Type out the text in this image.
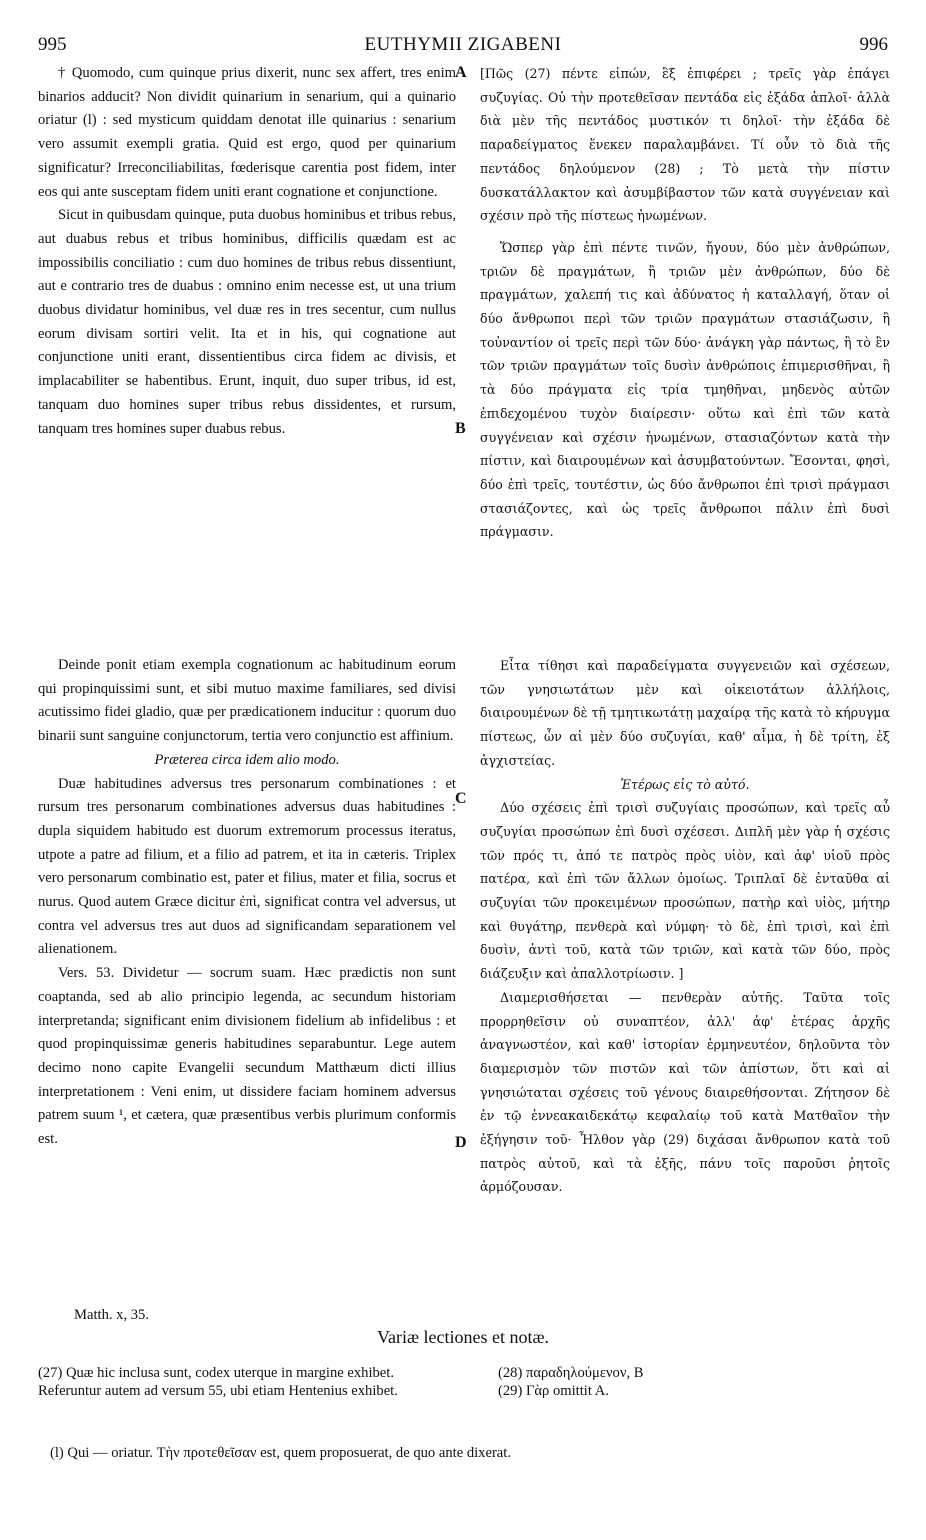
995	EUTHYMII ZIGABENI	996

† Quomodo, cum quinque prius dixerit, nunc sex affert, tres enim binarios adducit? Non dividit quinarium in senarium, qui a quinario oriatur (l) : sed mysticum quiddam denotat ille quinarius : senarium vero assumit exempli gratia. Quid est ergo, quod per quinarium significatur? Irreconciliabilitas, fœderisque carentia post fidem, inter eos qui ante susceptam fidem uniti erant cognatione et conjunctione.

Sicut in quibusdam quinque, puta duobus hominibus et tribus rebus, aut duabus rebus et tribus hominibus, difficilis quædam est ac impossibilis conciliatio : cum duo homines de tribus rebus dissentiunt, aut e contrario tres de duabus : omnino enim necesse est, ut una trium duobus dividatur hominibus, vel duæ res in tres secentur, cum nullus eorum divisam sortiri velit. Ita et in his, qui cognatione aut conjunctione uniti erant, dissentientibus circa fidem ac divisis, et implacabiliter se habentibus. Erunt, inquit, duo super tribus, id est, tanquam duo homines super tribus rebus dissidentes, et rursum, tanquam tres homines super duabus rebus.

Deinde ponit etiam exempla cognationum ac habitudinum eorum qui propinquissimi sunt, et sibi mutuo maxime familiares, sed divisi acutissimo fidei gladio, quæ per prædicationem inducitur : quorum duo binarii sunt sanguine conjunctorum, tertia vero conjunctio est affinium.

Præterea circa idem alio modo.

Duæ habitudines adversus tres personarum combinationes : et rursum tres personarum combinationes adversus duas habitudines : dupla siquidem habitudo est duorum extremorum processus iteratus, utpote a patre ad filium, et a filio ad patrem, et ita in cæteris. Triplex vero personarum combinatio est, pater et filius, mater et filia, socrus et nurus. Quod autem Græce dicitur ἐπὶ, significat contra vel adversus, ut contra vel adversus tres aut duos ad significandam separationem vel alienationem.

Vers. 53. Dividetur — socrum suam. Hæc prædictis non sunt coaptanda, sed ab alio principio legenda, ac secundum historiam interpretanda; significant enim divisionem fidelium ab infidelibus : et quod propinquissimæ generis habitudines separabuntur. Lege autem decimo nono capite Evangelii secundum Matthæum dicti illius interpretationem : Veni enim, ut dissidere faciam hominem adversus patrem suum ¹, et cætera, quæ præsentibus verbis plurimum conformis est.

[Πῶς (27) πέντε εἰπών, ἓξ ἐπιφέρει ; τρεῖς γὰρ ἐπάγει συζυγίας. Οὐ τὴν προτεθεῖσαν πεντάδα εἰς ἑξάδα ἁπλοῖ· ἀλλὰ διὰ μὲν τῆς πεντάδος μυστικόν τι δηλοῖ· τὴν ἑξάδα δὲ παραδείγματος ἕνεκεν παραλαμβάνει. Τί οὖν τὸ διὰ τῆς πεντάδος δηλούμενον (28) ; Τὸ μετὰ τὴν πίστιν δυσκατάλλακτον καὶ ἀσυμβίβαστον τῶν κατὰ συγγένειαν καὶ σχέσιν πρὸ τῆς πίστεως ἡνωμένων.

Ὥσπερ γὰρ ἐπὶ πέντε τινῶν, ἤγουν, δύο μὲν ἀνθρώπων, τριῶν δὲ πραγμάτων, ἢ τριῶν μὲν ἀνθρώπων, δύο δὲ πραγμάτων, χαλεπή τις καὶ ἀδύνατος ἡ καταλλαγή, ὅταν οἱ δύο ἄνθρωποι περὶ τῶν τριῶν πραγμάτων στασιάζωσιν, ἢ τοὐναντίον οἱ τρεῖς περὶ τῶν δύο· ἀνάγκη γὰρ πάντως, ἢ τὸ ἓν τῶν τριῶν πραγμάτων τοῖς δυσὶν ἀνθρώποις ἐπιμερισθῆναι, ἢ τὰ δύο πράγματα εἰς τρία τμηθῆναι, μηδενὸς αὐτῶν ἐπιδεχομένου τυχὸν διαίρεσιν· οὕτω καὶ ἐπὶ τῶν κατὰ συγγένειαν καὶ σχέσιν ἡνωμένων, στασιαζόντων κατὰ τὴν πίστιν, καὶ διαιρουμένων καὶ ἀσυμβατούντων. Ἔσονται, φησὶ, δύο ἐπὶ τρεῖς, τουτέστιν, ὡς δύο ἄνθρωποι ἐπὶ τρισὶ πράγμασι στασιάζοντες, καὶ ὡς τρεῖς ἄνθρωποι πάλιν ἐπὶ δυσὶ πράγμασιν.

Εἶτα τίθησι καὶ παραδείγματα συγγενειῶν καὶ σχέσεων, τῶν γνησιωτάτων μὲν καὶ οἰκειοτάτων ἀλλήλοις, διαιρουμένων δὲ τῇ τμητικωτάτῃ μαχαίρᾳ τῆς κατὰ τὸ κήρυγμα πίστεως, ὧν αἱ μὲν δύο συζυγίαι, καθ' αἷμα, ἡ δὲ τρίτη, ἐξ ἀγχιστείας.

Ἑτέρως εἰς τὸ αὐτό.

Δύο σχέσεις ἐπὶ τρισὶ συζυγίαις προσώπων, καὶ τρεῖς αὖ συζυγίαι προσώπων ἐπὶ δυσὶ σχέσεσι. Διπλῆ μὲν γὰρ ἡ σχέσις τῶν πρός τι, ἀπό τε πατρὸς πρὸς υἱὸν, καὶ ἀφ' υἱοῦ πρὸς πατέρα, καὶ ἐπὶ τῶν ἄλλων ὁμοίως. Τριπλαῖ δὲ ἐνταῦθα αἱ συζυγίαι τῶν προκειμένων προσώπων, πατὴρ καὶ υἱὸς, μήτηρ καὶ θυγάτηρ, πενθερὰ καὶ νύμφη· τὸ δὲ, ἐπὶ τρισὶ, καὶ ἐπὶ δυσὶν, ἀντὶ τοῦ, κατὰ τῶν τριῶν, καὶ κατὰ τῶν δύο, πρὸς διάζευξιν καὶ ἀπαλλοτρίωσιν. ]

Διαμερισθήσεται — πενθερὰν αὐτῆς. Ταῦτα τοῖς προρρηθεῖσιν οὐ συναπτέον, ἀλλ' ἀφ' ἑτέρας ἀρχῆς ἀναγνωστέον, καὶ καθ' ἱστορίαν ἑρμηνευτέον, δηλοῦντα τὸν διαμερισμὸν τῶν πιστῶν καὶ τῶν ἀπίστων, ὅτι καὶ αἱ γνησιώταται σχέσεις τοῦ γένους διαιρεθήσονται. Ζήτησον δὲ ἐν τῷ ἐννεακαιδεκάτῳ κεφαλαίῳ τοῦ κατὰ Ματθαῖον τὴν ἐξήγησιν τοῦ· Ἦλθον γὰρ (29) διχάσαι ἄνθρωπον κατὰ τοῦ πατρὸς αὐτοῦ, καὶ τὰ ἑξῆς, πάνυ τοῖς παροῦσι ῥητοῖς ἁρμόζουσαν.

A
B
C
D
Matth. x, 35.
Variæ lectiones et notæ.
(27) Quæ hic inclusa sunt, codex uterque in margine exhibet. Referuntur autem ad versum 55, ubi etiam Hentenius exhibet.
(28) παραδηλούμενον, B
(29) Γὰρ omittit A.
(l) Qui — oriatur. Τὴν προτεθεῖσαν est, quem proposuerat, de quo ante dixerat.
